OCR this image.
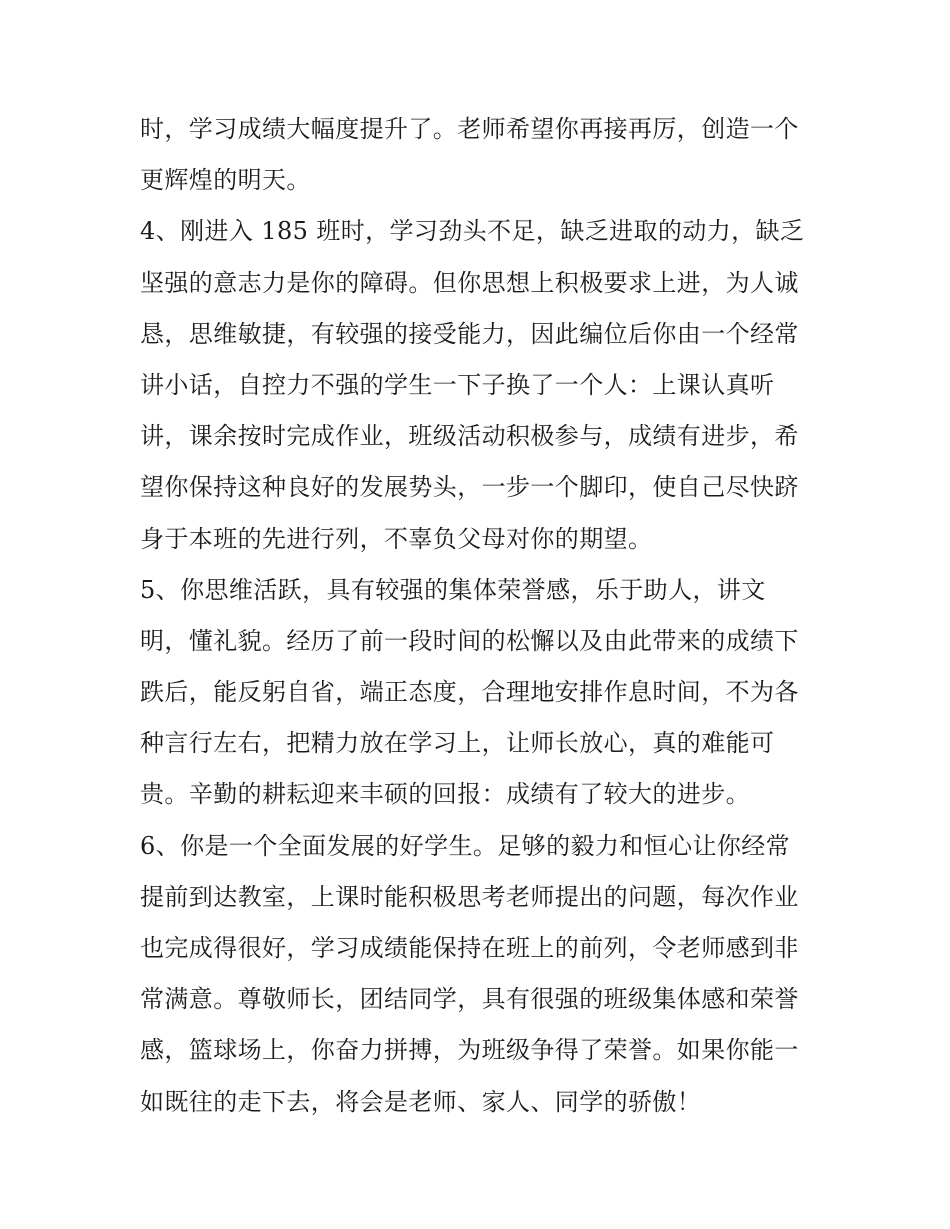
时，学习成绩大幅度提升了。老师希望你再接再厉，创造一个
更辉煌的明天。
4、刚进入 185 班时，学习劲头不足，缺乏进取的动力，缺乏
坚强的意志力是你的障碍。但你思想上积极要求上进，为人诚
恳，思维敏捷，有较强的接受能力，因此编位后你由一个经常
讲小话，自控力不强的学生一下子换了一个人：上课认真听
讲，课余按时完成作业，班级活动积极参与，成绩有进步，希
望你保持这种良好的发展势头，一步一个脚印，使自己尽快跻
身于本班的先进行列，不辜负父母对你的期望。
5、你思维活跃，具有较强的集体荣誉感，乐于助人，讲文
明，懂礼貌。经历了前一段时间的松懈以及由此带来的成绩下
跌后，能反躬自省，端正态度，合理地安排作息时间，不为各
种言行左右，把精力放在学习上，让师长放心，真的难能可
贵。辛勤的耕耘迎来丰硕的回报：成绩有了较大的进步。
6、你是一个全面发展的好学生。足够的毅力和恒心让你经常
提前到达教室，上课时能积极思考老师提出的问题，每次作业
也完成得很好，学习成绩能保持在班上的前列，令老师感到非
常满意。尊敬师长，团结同学，具有很强的班级集体感和荣誉
感，篮球场上，你奋力拼搏，为班级争得了荣誉。如果你能一
如既往的走下去，将会是老师、家人、同学的骄傲！
